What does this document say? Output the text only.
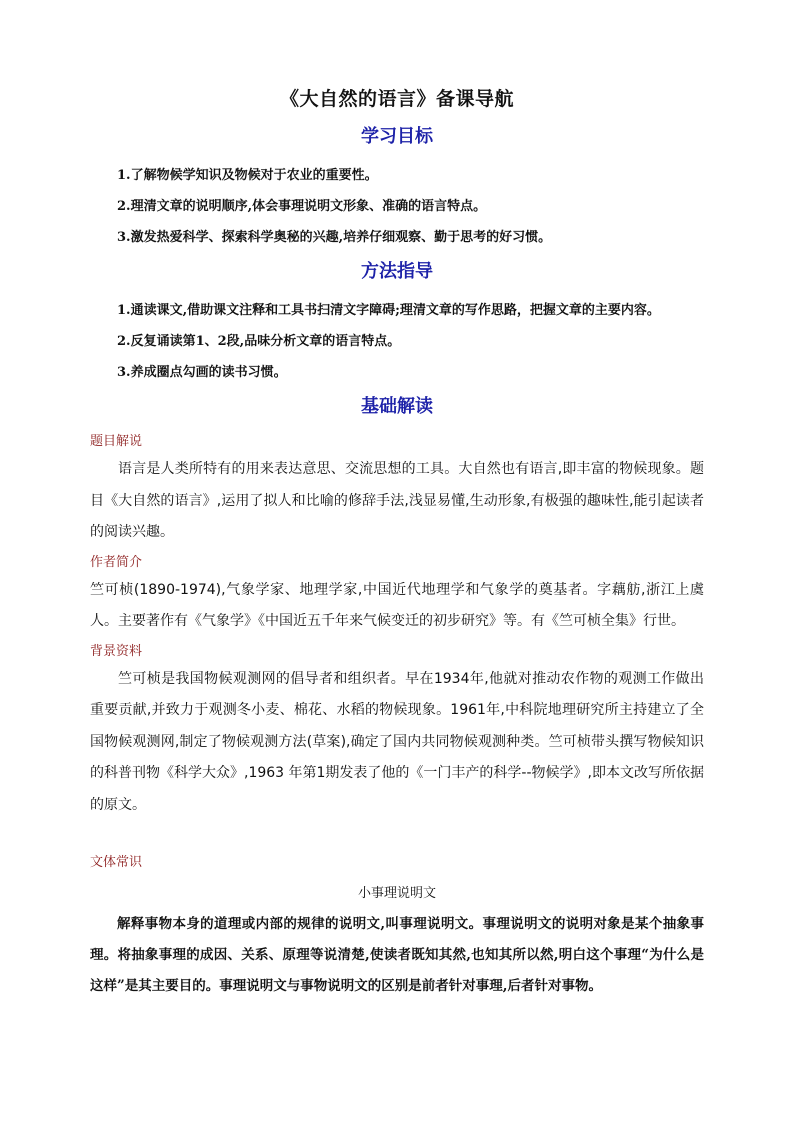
《大自然的语言》备课导航
学习目标
1.了解物候学知识及物候对于农业的重要性。
2.理清文章的说明顺序,体会事理说明文形象、准确的语言特点。
3.激发热爱科学、探索科学奥秘的兴趣,培养仔细观察、勤于思考的好习惯。
方法指导
1.通读课文,借助课文注释和工具书扫清文字障碍;理清文章的写作思路，把握文章的主要内容。
2.反复诵读第1、2段,品味分析文章的语言特点。
3.养成圈点勾画的读书习惯。
基础解读
题目解说

语言是人类所特有的用来表达意思、交流思想的工具。大自然也有语言,即丰富的物候现象。题目《大自然的语言》,运用了拟人和比喻的修辞手法,浅显易懂,生动形象,有极强的趣味性,能引起读者的阅读兴趣。

作者简介

竺可桢(1890-1974),气象学家、地理学家,中国近代地理学和气象学的奠基者。字藕舫,浙江上虞人。主要著作有《气象学》《中国近五千年来气候变迁的初步研究》等。有《竺可桢全集》行世。

背景资料

竺可桢是我国物候观测网的倡导者和组织者。早在1934年,他就对推动农作物的观测工作做出重要贡献,并致力于观测冬小麦、棉花、水稻的物候现象。1961年,中科院地理研究所主持建立了全国物候观测网,制定了物候观测方法(草案),确定了国内共同物候观测种类。竺可桢带头撰写物候知识的科普刊物《科学大众》,1963 年第1期发表了他的《一门丰产的科学--物候学》,即本文改写所依据的原文。

文体常识
小事理说明文

解释事物本身的道理或内部的规律的说明文,叫事理说明文。事理说明文的说明对象是某个抽象事理。将抽象事理的成因、关系、原理等说清楚,使读者既知其然,也知其所以然,明白这个事理“为什么是这样”是其主要目的。事理说明文与事物说明文的区别是前者针对事理,后者针对事物。
